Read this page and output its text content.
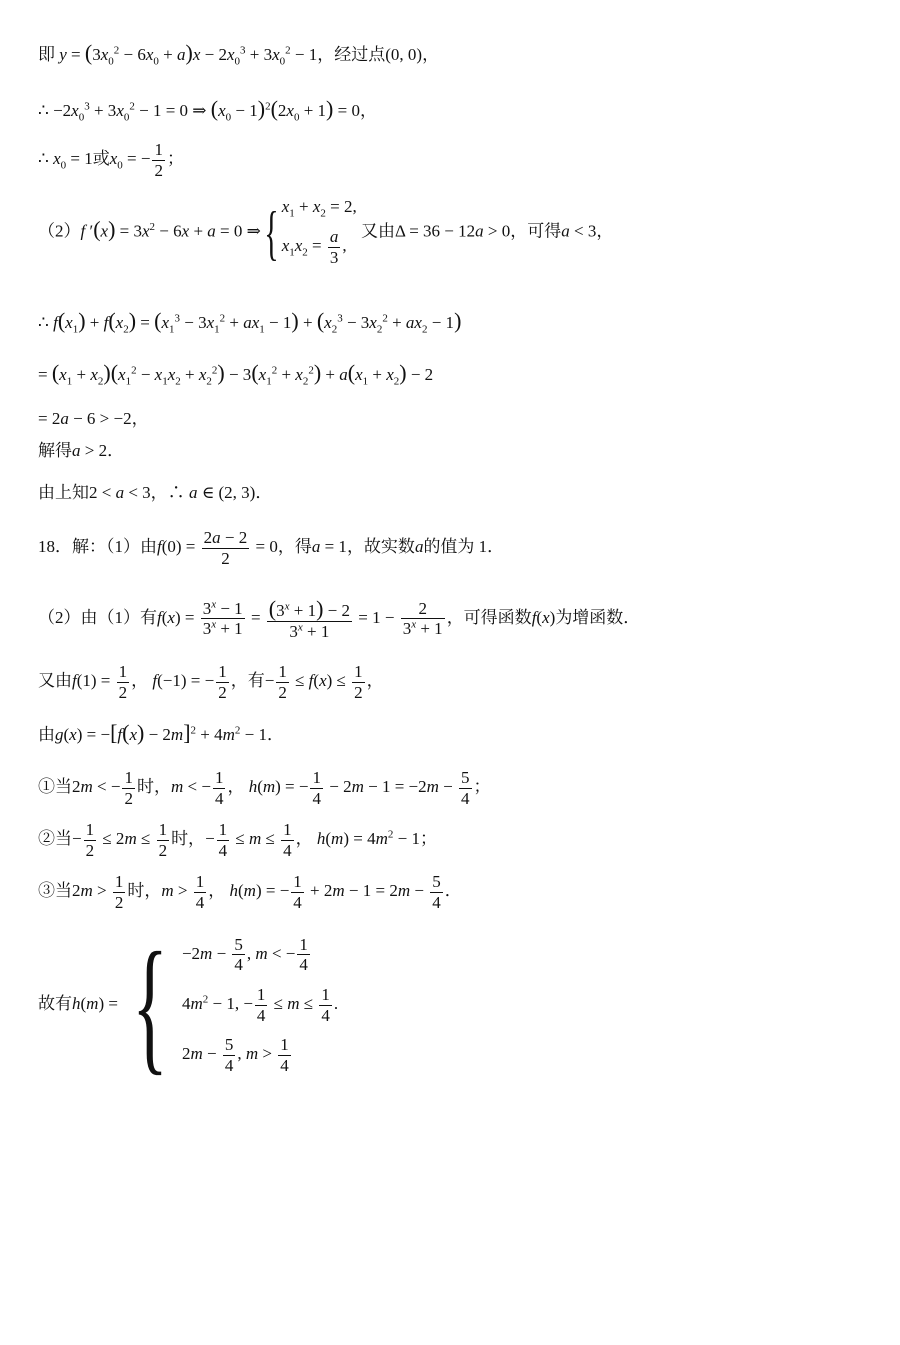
即 $y = (3x_0^2 - 6x_0 + a)x - 2x_0^3 + 3x_0^2 - 1$，经过点(0, 0)，
∴ $-2x_0^3 + 3x_0^2 - 1 = 0$ ⇒ $(x_0 - 1)^2(2x_0 + 1) = 0$，
∴ $x_0 = 1$或$x_0$ = − $\frac{1}{2}$ ；
（2）f $'(x) = 3x^2 - 6x + a = 0$ ⇒{ $x_1 + x_2 = 2$,
$x_1x_2 = \frac{a}{3}$ ,
又由Δ = 36 − 12a > 0，可得a < 3，
∴ $f(x_1) + f(x_2) = (x_1^3 - 3x_1^2 + ax_1 - 1) + (x_2^3 - 3x_2^2 + ax_2 - 1)$
= $(x_1 + x_2)(x_1^2 - x_1x_2 + x_2^2) - 3(x_1^2 + x_2^2) + a(x_1 + x_2) - 2$
= 2a − 6 > −2，
解得a > 2．
由上知2 < a < 3，∴ a ∈ (2, 3)．
18．解：（1）由$f(0) = \frac{2a - 2}{2} = 0$，得a = 1，故实数a的值为 1．
（2）由（1）有$f(x) = \frac{3^x - 1}{3^x + 1} = \frac{(3^x + 1) - 2}{3^x + 1} = 1 - \frac{2}{3^x + 1}$ ，可得函数f(x)为增函数．
又由$f(1) = \frac{1}{2}$ ， f(−1) = − $\frac{1}{2}$ ，有− $\frac{1}{2} \le f(x) \le \frac{1}{2}$ ，
由$g(x) = -[f(x) - 2m]^2 + 4m^2 - 1$．
①当2m < − $\frac{1}{2}$ 时，m < − $\frac{1}{4}$ ， h(m) = − $\frac{1}{4} - 2m - 1 = -2m - \frac{5}{4}$ ；
②当− $\frac{1}{2} \le 2m \le \frac{1}{2}$ 时，− $\frac{1}{4} \le m \le \frac{1}{4}$ ， $h(m) = 4m^2 - 1$；
③当$2m > \frac{1}{2}$ 时，$m > \frac{1}{4}$ ， h(m) = − $\frac{1}{4} + 2m - 1 = 2m - \frac{5}{4}$ ．
故有h(m) ={ $-2m - \frac{5}{4}$ , m < − $\frac{1}{4}$
$4m^2 - 1$, − $\frac{1}{4} \le m \le \frac{1}{4}$ .
$2m - \frac{5}{4}$ , $m > \frac{1}{4}$
